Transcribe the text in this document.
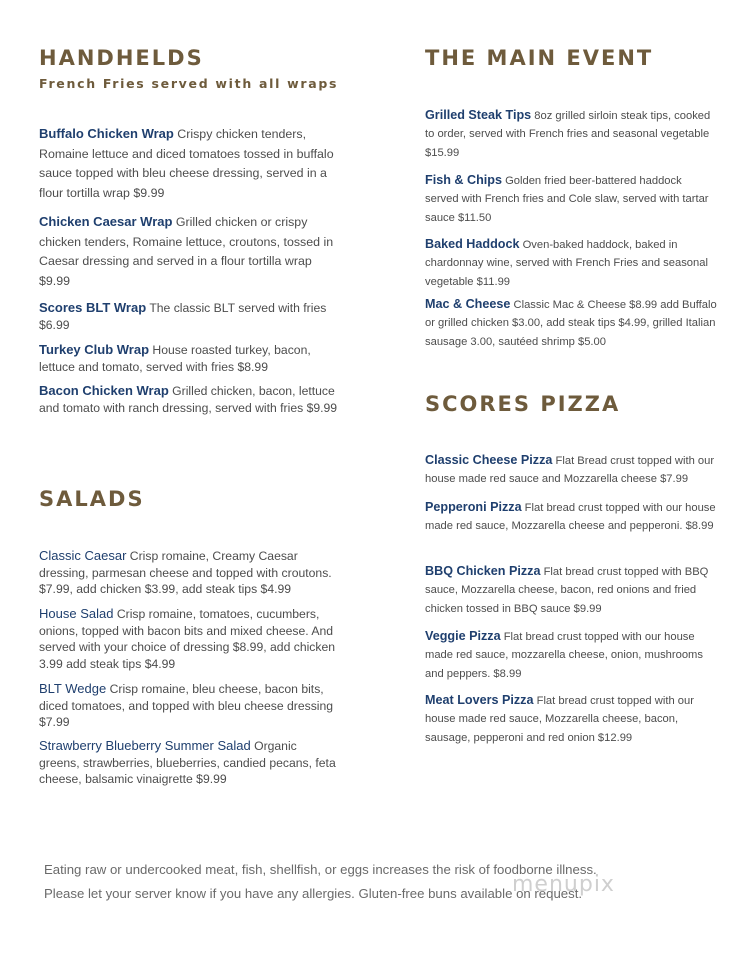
HANDHELDS
French Fries served with all wraps
Buffalo Chicken Wrap Crispy chicken tenders, Romaine lettuce and diced tomatoes tossed in buffalo sauce topped with bleu cheese dressing, served in a flour tortilla wrap $9.99
Chicken Caesar Wrap Grilled chicken or crispy chicken tenders, Romaine lettuce, croutons, tossed in Caesar dressing and served in a flour tortilla wrap $9.99
Scores BLT Wrap The classic BLT served with fries $6.99
Turkey Club Wrap House roasted turkey, bacon, lettuce and tomato, served with fries $8.99
Bacon Chicken Wrap Grilled chicken, bacon, lettuce and tomato with ranch dressing, served with fries $9.99
SALADS
Classic Caesar Crisp romaine, Creamy Caesar dressing, parmesan cheese and topped with croutons. $7.99, add chicken $3.99, add steak tips $4.99
House Salad Crisp romaine, tomatoes, cucumbers, onions, topped with bacon bits and mixed cheese. And served with your choice of dressing $8.99, add chicken 3.99 add steak tips $4.99
BLT Wedge Crisp romaine, bleu cheese, bacon bits, diced tomatoes, and topped with bleu cheese dressing $7.99
Strawberry Blueberry Summer Salad Organic greens, strawberries, blueberries, candied pecans, feta cheese, balsamic vinaigrette $9.99
THE MAIN EVENT
Grilled Steak Tips 8oz grilled sirloin steak tips, cooked to order, served with French fries and seasonal vegetable $15.99
Fish & Chips Golden fried beer-battered haddock served with French fries and Cole slaw, served with tartar sauce $11.50
Baked Haddock Oven-baked haddock, baked in chardonnay wine, served with French Fries and seasonal vegetable $11.99
Mac & Cheese Classic Mac & Cheese $8.99 add Buffalo or grilled chicken $3.00, add steak tips $4.99, grilled Italian sausage 3.00, sautéed shrimp $5.00
SCORES PIZZA
Classic Cheese Pizza Flat Bread crust topped with our house made red sauce and Mozzarella cheese $7.99
Pepperoni Pizza Flat bread crust topped with our house made red sauce, Mozzarella cheese and pepperoni. $8.99
BBQ Chicken Pizza Flat bread crust topped with BBQ sauce, Mozzarella cheese, bacon, red onions and fried chicken tossed in BBQ sauce $9.99
Veggie Pizza Flat bread crust topped with our house made red sauce, mozzarella cheese, onion, mushrooms and peppers. $8.99
Meat Lovers Pizza Flat bread crust topped with our house made red sauce, Mozzarella cheese, bacon, sausage, pepperoni and red onion $12.99
Eating raw or undercooked meat, fish, shellfish, or eggs increases the risk of foodborne illness.
Please let your server know if you have any allergies. Gluten-free buns available on request.
menupix
